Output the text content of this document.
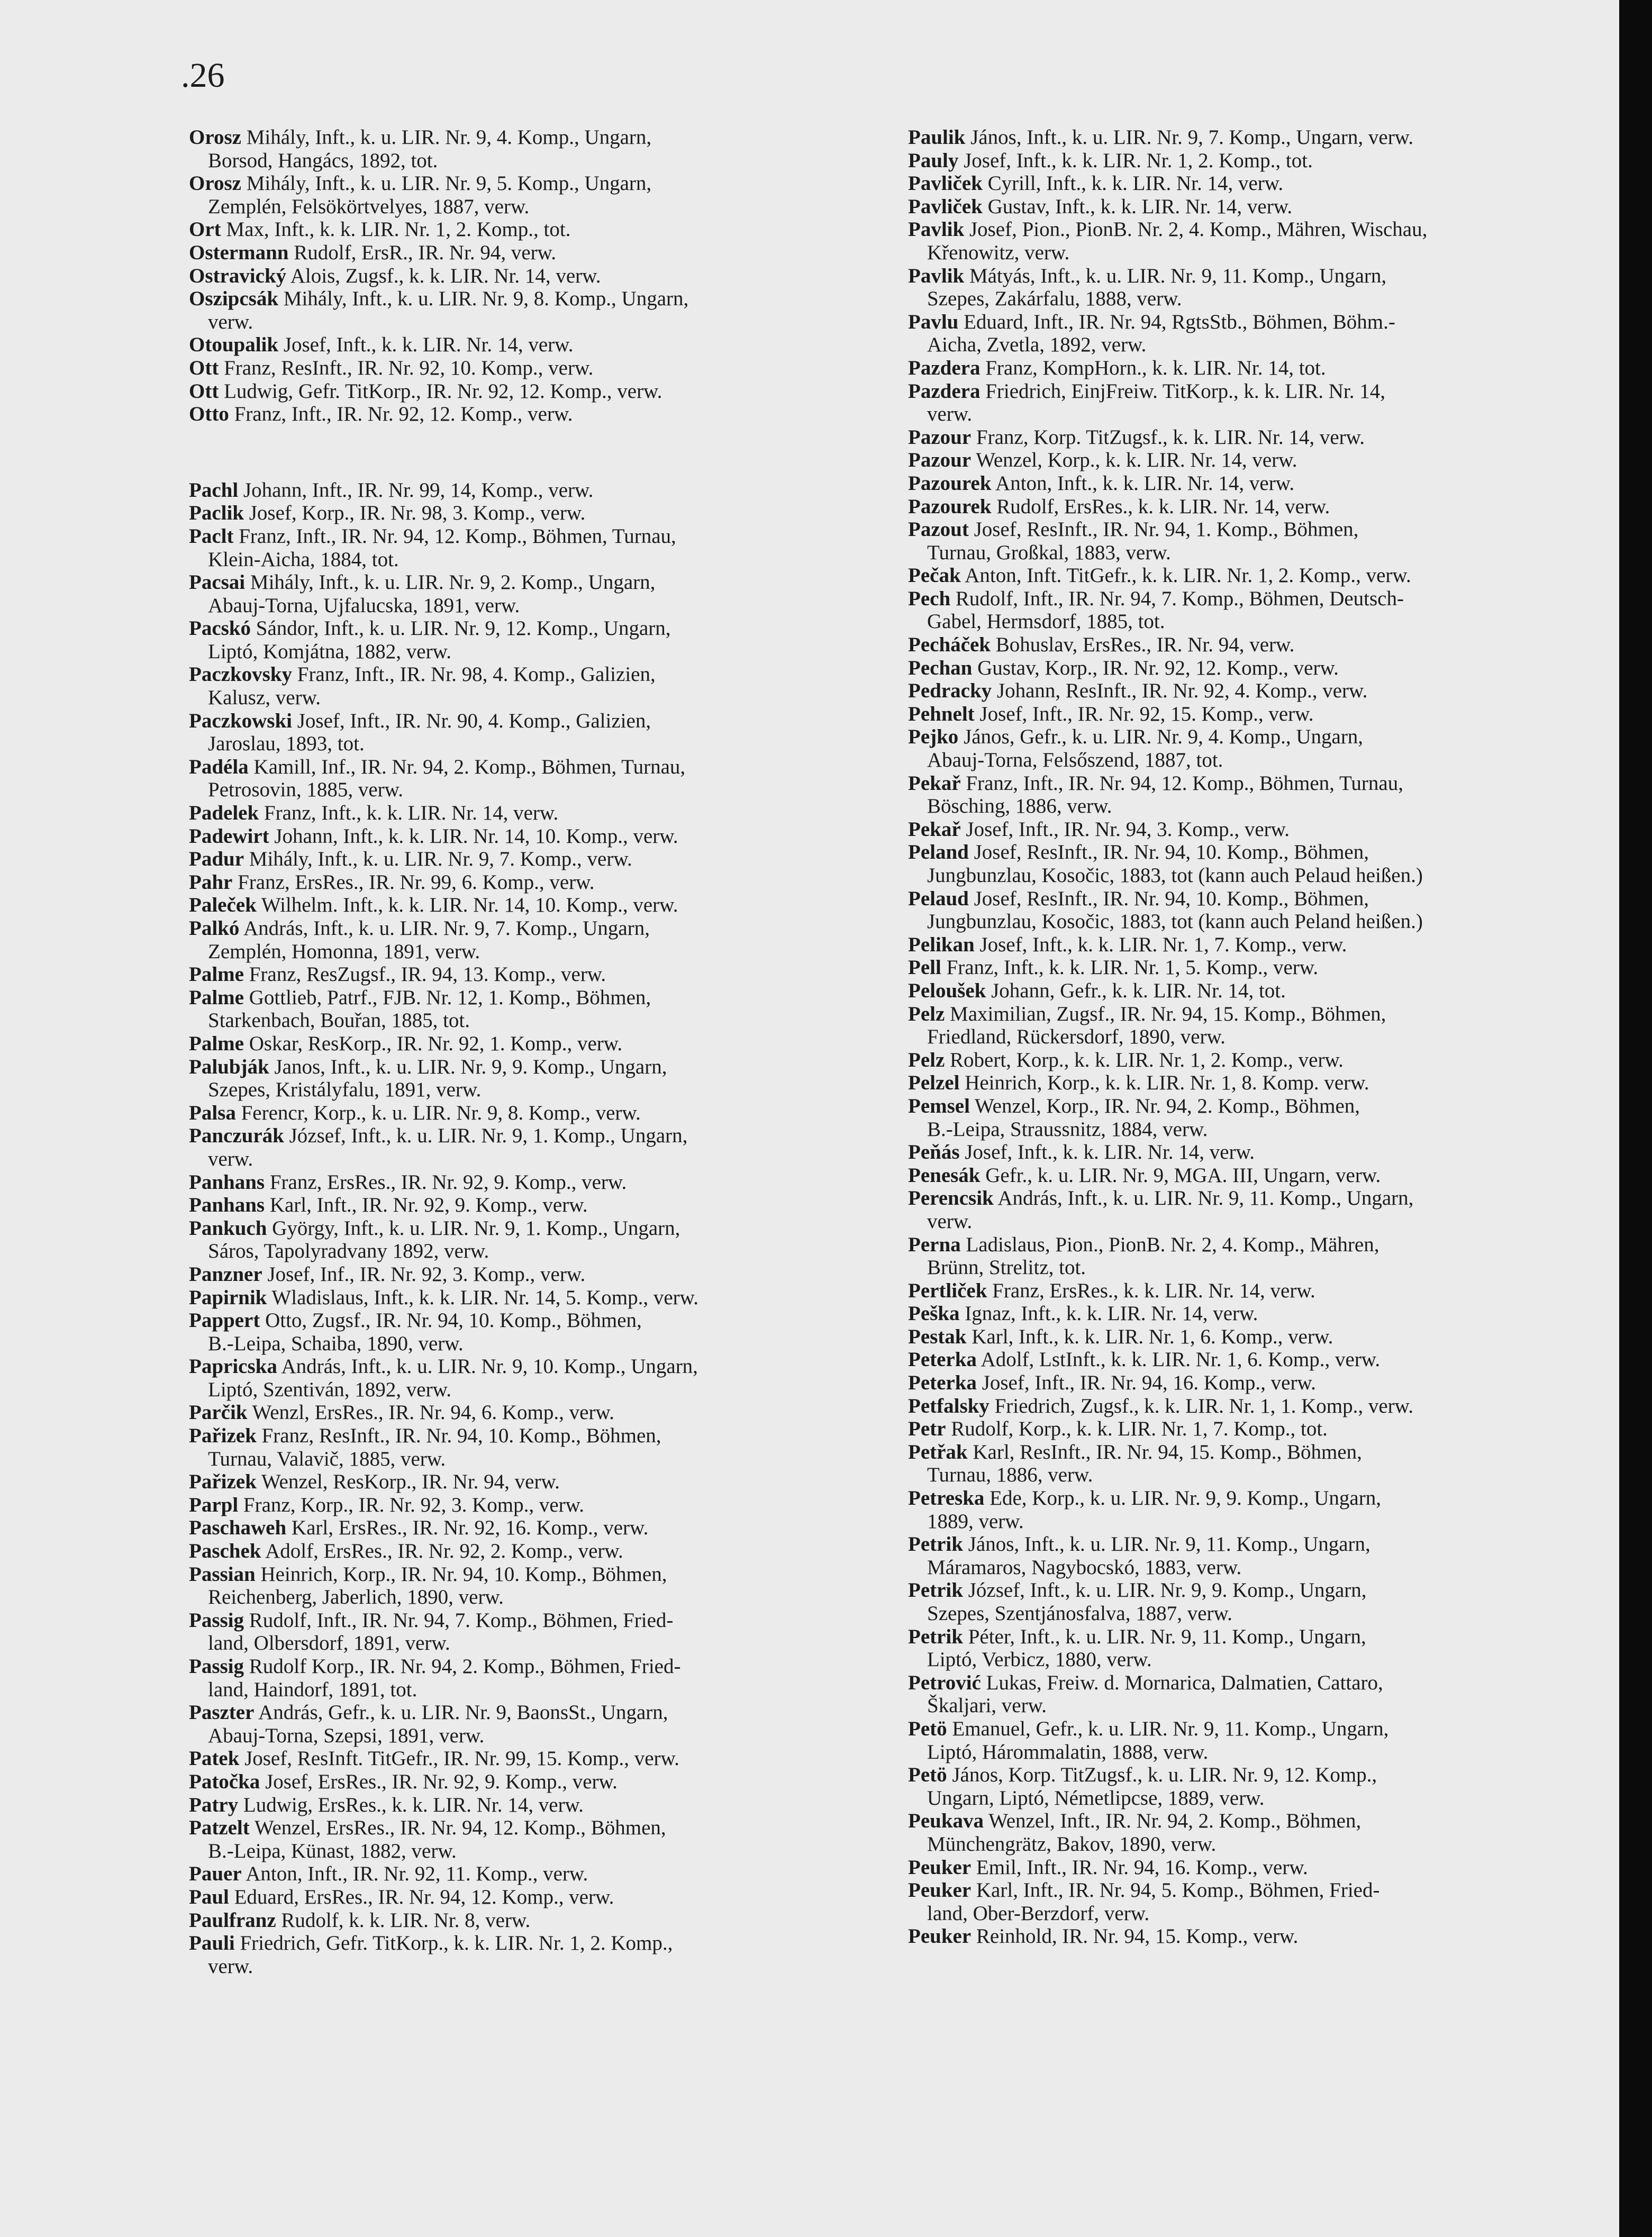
.26
Orosz Mihály, Inft., k. u. LIR. Nr. 9, 4. Komp., Ungarn,
Borsod, Hangács, 1892, tot.
Orosz Mihály, Inft., k. u. LIR. Nr. 9, 5. Komp., Ungarn,
Zemplén, Felsökörtvelyes, 1887, verw.
Ort Max, Inft., k. k. LIR. Nr. 1, 2. Komp., tot.
Ostermann Rudolf, ErsR., IR. Nr. 94, verw.
Ostravický Alois, Zugsf., k. k. LIR. Nr. 14, verw.
Oszipcsák Mihály, Inft., k. u. LIR. Nr. 9, 8. Komp., Ungarn,
verw.
Otoupalik Josef, Inft., k. k. LIR. Nr. 14, verw.
Ott Franz, ResInft., IR. Nr. 92, 10. Komp., verw.
Ott Ludwig, Gefr. TitKorp., IR. Nr. 92, 12. Komp., verw.
Otto Franz, Inft., IR. Nr. 92, 12. Komp., verw.
Pachl Johann, Inft., IR. Nr. 99, 14, Komp., verw.
Paclik Josef, Korp., IR. Nr. 98, 3. Komp., verw.
Paclt Franz, Inft., IR. Nr. 94, 12. Komp., Böhmen, Turnau,
Klein-Aicha, 1884, tot.
Pacsai Mihály, Inft., k. u. LIR. Nr. 9, 2. Komp., Ungarn,
Abauj-Torna, Ujfalucska, 1891, verw.
Pacskó Sándor, Inft., k. u. LIR. Nr. 9, 12. Komp., Ungarn,
Liptó, Komjátna, 1882, verw.
Paczkovsky Franz, Inft., IR. Nr. 98, 4. Komp., Galizien,
Kalusz, verw.
Paczkowski Josef, Inft., IR. Nr. 90, 4. Komp., Galizien,
Jaroslau, 1893, tot.
Padéla Kamill, Inf., IR. Nr. 94, 2. Komp., Böhmen, Turnau,
Petrosovin, 1885, verw.
Padelek Franz, Inft., k. k. LIR. Nr. 14, verw.
Padewirt Johann, Inft., k. k. LIR. Nr. 14, 10. Komp., verw.
Padur Mihály, Inft., k. u. LIR. Nr. 9, 7. Komp., verw.
Pahr Franz, ErsRes., IR. Nr. 99, 6. Komp., verw.
Paleček Wilhelm. Inft., k. k. LIR. Nr. 14, 10. Komp., verw.
Palkó András, Inft., k. u. LIR. Nr. 9, 7. Komp., Ungarn,
Zemplén, Homonna, 1891, verw.
Palme Franz, ResZugsf., IR. 94, 13. Komp., verw.
Palme Gottlieb, Patrf., FJB. Nr. 12, 1. Komp., Böhmen,
Starkenbach, Bouřan, 1885, tot.
Palme Oskar, ResKorp., IR. Nr. 92, 1. Komp., verw.
Palubják Janos, Inft., k. u. LIR. Nr. 9, 9. Komp., Ungarn,
Szepes, Kristályfalu, 1891, verw.
Palsa Ferencr, Korp., k. u. LIR. Nr. 9, 8. Komp., verw.
Panczurák József, Inft., k. u. LIR. Nr. 9, 1. Komp., Ungarn,
verw.
Panhans Franz, ErsRes., IR. Nr. 92, 9. Komp., verw.
Panhans Karl, Inft., IR. Nr. 92, 9. Komp., verw.
Pankuch György, Inft., k. u. LIR. Nr. 9, 1. Komp., Ungarn,
Sáros, Tapolyradvany 1892, verw.
Panzner Josef, Inf., IR. Nr. 92, 3. Komp., verw.
Papirnik Wladislaus, Inft., k. k. LIR. Nr. 14, 5. Komp., verw.
Pappert Otto, Zugsf., IR. Nr. 94, 10. Komp., Böhmen,
B.-Leipa, Schaiba, 1890, verw.
Papricska András, Inft., k. u. LIR. Nr. 9, 10. Komp., Ungarn,
Liptó, Szentiván, 1892, verw.
Parčik Wenzl, ErsRes., IR. Nr. 94, 6. Komp., verw.
Pařizek Franz, ResInft., IR. Nr. 94, 10. Komp., Böhmen,
Turnau, Valavič, 1885, verw.
Pařizek Wenzel, ResKorp., IR. Nr. 94, verw.
Parpl Franz, Korp., IR. Nr. 92, 3. Komp., verw.
Paschaweh Karl, ErsRes., IR. Nr. 92, 16. Komp., verw.
Paschek Adolf, ErsRes., IR. Nr. 92, 2. Komp., verw.
Passian Heinrich, Korp., IR. Nr. 94, 10. Komp., Böhmen,
Reichenberg, Jaberlich, 1890, verw.
Passig Rudolf, Inft., IR. Nr. 94, 7. Komp., Böhmen, Fried-
land, Olbersdorf, 1891, verw.
Passig Rudolf Korp., IR. Nr. 94, 2. Komp., Böhmen, Fried-
land, Haindorf, 1891, tot.
Paszter András, Gefr., k. u. LIR. Nr. 9, BaonsSt., Ungarn,
Abauj-Torna, Szepsi, 1891, verw.
Patek Josef, ResInft. TitGefr., IR. Nr. 99, 15. Komp., verw.
Patočka Josef, ErsRes., IR. Nr. 92, 9. Komp., verw.
Patry Ludwig, ErsRes., k. k. LIR. Nr. 14, verw.
Patzelt Wenzel, ErsRes., IR. Nr. 94, 12. Komp., Böhmen,
B.-Leipa, Künast, 1882, verw.
Pauer Anton, Inft., IR. Nr. 92, 11. Komp., verw.
Paul Eduard, ErsRes., IR. Nr. 94, 12. Komp., verw.
Paulfranz Rudolf, k. k. LIR. Nr. 8, verw.
Pauli Friedrich, Gefr. TitKorp., k. k. LIR. Nr. 1, 2. Komp.,
verw.
Paulik János, Inft., k. u. LIR. Nr. 9, 7. Komp., Ungarn, verw.
Pauly Josef, Inft., k. k. LIR. Nr. 1, 2. Komp., tot.
Pavliček Cyrill, Inft., k. k. LIR. Nr. 14, verw.
Pavliček Gustav, Inft., k. k. LIR. Nr. 14, verw.
Pavlik Josef, Pion., PionB. Nr. 2, 4. Komp., Mähren, Wischau,
Křenowitz, verw.
Pavlik Mátyás, Inft., k. u. LIR. Nr. 9, 11. Komp., Ungarn,
Szepes, Zakárfalu, 1888, verw.
Pavlu Eduard, Inft., IR. Nr. 94, RgtsStb., Böhmen, Böhm.-
Aicha, Zvetla, 1892, verw.
Pazdera Franz, KompHorn., k. k. LIR. Nr. 14, tot.
Pazdera Friedrich, EinjFreiw. TitKorp., k. k. LIR. Nr. 14,
verw.
Pazour Franz, Korp. TitZugsf., k. k. LIR. Nr. 14, verw.
Pazour Wenzel, Korp., k. k. LIR. Nr. 14, verw.
Pazourek Anton, Inft., k. k. LIR. Nr. 14, verw.
Pazourek Rudolf, ErsRes., k. k. LIR. Nr. 14, verw.
Pazout Josef, ResInft., IR. Nr. 94, 1. Komp., Böhmen,
Turnau, Großkal, 1883, verw.
Pečak Anton, Inft. TitGefr., k. k. LIR. Nr. 1, 2. Komp., verw.
Pech Rudolf, Inft., IR. Nr. 94, 7. Komp., Böhmen, Deutsch-
Gabel, Hermsdorf, 1885, tot.
Pecháček Bohuslav, ErsRes., IR. Nr. 94, verw.
Pechan Gustav, Korp., IR. Nr. 92, 12. Komp., verw.
Pedracky Johann, ResInft., IR. Nr. 92, 4. Komp., verw.
Pehnelt Josef, Inft., IR. Nr. 92, 15. Komp., verw.
Pejko János, Gefr., k. u. LIR. Nr. 9, 4. Komp., Ungarn,
Abauj-Torna, Felsőszend, 1887, tot.
Pekař Franz, Inft., IR. Nr. 94, 12. Komp., Böhmen, Turnau,
Bösching, 1886, verw.
Pekař Josef, Inft., IR. Nr. 94, 3. Komp., verw.
Peland Josef, ResInft., IR. Nr. 94, 10. Komp., Böhmen,
Jungbunzlau, Kosočic, 1883, tot (kann auch Pelaud heißen.)
Pelaud Josef, ResInft., IR. Nr. 94, 10. Komp., Böhmen,
Jungbunzlau, Kosočic, 1883, tot (kann auch Peland heißen.)
Pelikan Josef, Inft., k. k. LIR. Nr. 1, 7. Komp., verw.
Pell Franz, Inft., k. k. LIR. Nr. 1, 5. Komp., verw.
Peloušek Johann, Gefr., k. k. LIR. Nr. 14, tot.
Pelz Maximilian, Zugsf., IR. Nr. 94, 15. Komp., Böhmen,
Friedland, Rückersdorf, 1890, verw.
Pelz Robert, Korp., k. k. LIR. Nr. 1, 2. Komp., verw.
Pelzel Heinrich, Korp., k. k. LIR. Nr. 1, 8. Komp. verw.
Pemsel Wenzel, Korp., IR. Nr. 94, 2. Komp., Böhmen,
B.-Leipa, Straussnitz, 1884, verw.
Peňás Josef, Inft., k. k. LIR. Nr. 14, verw.
Penesák Gefr., k. u. LIR. Nr. 9, MGA. III, Ungarn, verw.
Perencsik András, Inft., k. u. LIR. Nr. 9, 11. Komp., Ungarn,
verw.
Perna Ladislaus, Pion., PionB. Nr. 2, 4. Komp., Mähren,
Brünn, Strelitz, tot.
Pertliček Franz, ErsRes., k. k. LIR. Nr. 14, verw.
Peška Ignaz, Inft., k. k. LIR. Nr. 14, verw.
Pestak Karl, Inft., k. k. LIR. Nr. 1, 6. Komp., verw.
Peterka Adolf, LstInft., k. k. LIR. Nr. 1, 6. Komp., verw.
Peterka Josef, Inft., IR. Nr. 94, 16. Komp., verw.
Petfalsky Friedrich, Zugsf., k. k. LIR. Nr. 1, 1. Komp., verw.
Petr Rudolf, Korp., k. k. LIR. Nr. 1, 7. Komp., tot.
Petřak Karl, ResInft., IR. Nr. 94, 15. Komp., Böhmen,
Turnau, 1886, verw.
Petreska Ede, Korp., k. u. LIR. Nr. 9, 9. Komp., Ungarn,
1889, verw.
Petrik János, Inft., k. u. LIR. Nr. 9, 11. Komp., Ungarn,
Máramaros, Nagybocskó, 1883, verw.
Petrik József, Inft., k. u. LIR. Nr. 9, 9. Komp., Ungarn,
Szepes, Szentjánosfalva, 1887, verw.
Petrik Péter, Inft., k. u. LIR. Nr. 9, 11. Komp., Ungarn,
Liptó, Verbicz, 1880, verw.
Petrović Lukas, Freiw. d. Mornarica, Dalmatien, Cattaro,
Škaljari, verw.
Petö Emanuel, Gefr., k. u. LIR. Nr. 9, 11. Komp., Ungarn,
Liptó, Hárommalatin, 1888, verw.
Petö János, Korp. TitZugsf., k. u. LIR. Nr. 9, 12. Komp.,
Ungarn, Liptó, Németlipcse, 1889, verw.
Peukava Wenzel, Inft., IR. Nr. 94, 2. Komp., Böhmen,
Münchengrätz, Bakov, 1890, verw.
Peuker Emil, Inft., IR. Nr. 94, 16. Komp., verw.
Peuker Karl, Inft., IR. Nr. 94, 5. Komp., Böhmen, Fried-
land, Ober-Berzdorf, verw.
Peuker Reinhold, IR. Nr. 94, 15. Komp., verw.
